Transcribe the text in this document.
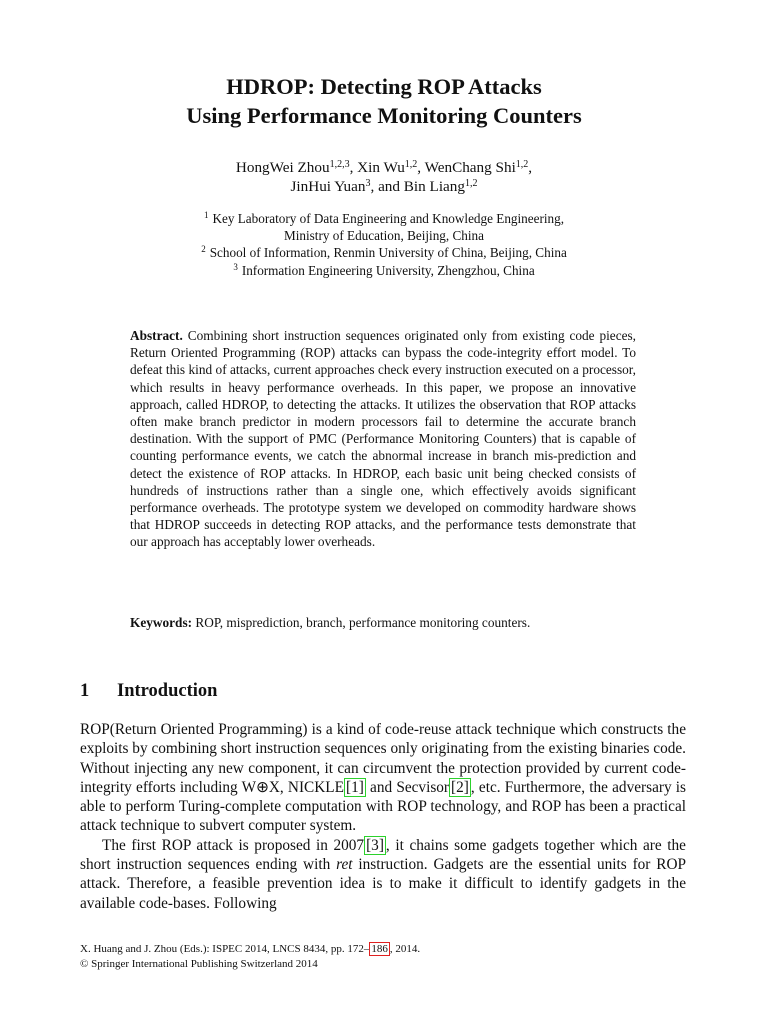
HDROP: Detecting ROP Attacks
Using Performance Monitoring Counters
HongWei Zhou$^{1,2,3}$, Xin Wu$^{1,2}$, WenChang Shi$^{1,2}$,
JinHui Yuan$^3$, and Bin Liang$^{1,2}$
$^1$ Key Laboratory of Data Engineering and Knowledge Engineering,
Ministry of Education, Beijing, China
$^2$ School of Information, Renmin University of China, Beijing, China
$^3$ Information Engineering University, Zhengzhou, China
Abstract. Combining short instruction sequences originated only from existing code pieces, Return Oriented Programming (ROP) attacks can bypass the code-integrity effort model. To defeat this kind of attacks, current approaches check every instruction executed on a processor, which results in heavy performance overheads. In this paper, we propose an innovative approach, called HDROP, to detecting the attacks. It utilizes the observation that ROP attacks often make branch predictor in modern processors fail to determine the accurate branch destination. With the support of PMC (Performance Monitoring Counters) that is capable of counting performance events, we catch the abnormal increase in branch mis-prediction and detect the existence of ROP attacks. In HDROP, each basic unit being checked consists of hundreds of instructions rather than a single one, which effectively avoids significant performance overheads. The prototype system we developed on commodity hardware shows that HDROP succeeds in detecting ROP attacks, and the performance tests demonstrate that our approach has acceptably lower overheads.
Keywords: ROP, misprediction, branch, performance monitoring counters.
1 Introduction

ROP(Return Oriented Programming) is a kind of code-reuse attack technique which constructs the exploits by combining short instruction sequences only originating from the existing binaries code. Without injecting any new component, it can circumvent the protection provided by current code-integrity efforts including W⊕X, NICKLE [1] and Secvisor [2] , etc. Furthermore, the adversary is able to perform Turing-complete computation with ROP technology, and ROP has been a practical attack technique to subvert computer system.

The first ROP attack is proposed in 2007 [3] , it chains some gadgets together which are the short instruction sequences ending with ret instruction. Gadgets are the essential units for ROP attack. Therefore, a feasible prevention idea is to make it difficult to identify gadgets in the available code-bases. Following

X. Huang and J. Zhou (Eds.): ISPEC 2014, LNCS 8434, pp. 172– 186 , 2014.
© Springer International Publishing Switzerland 2014
